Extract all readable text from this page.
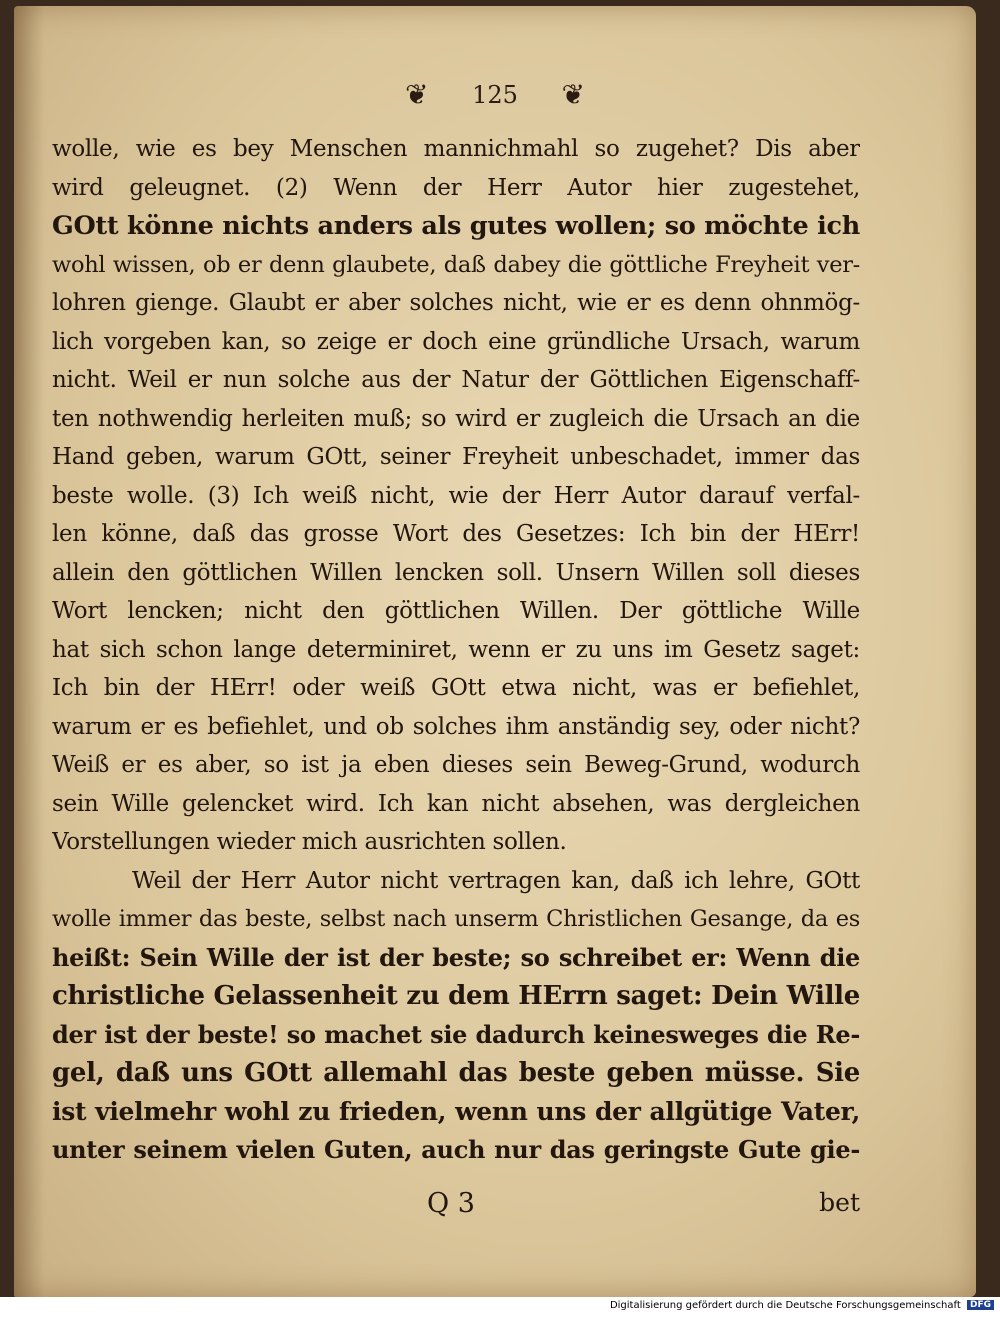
❦ 125 ❦
wolle, wie es bey Menschen mannichmahl so zugehet? Dis aber
wird geleugnet. (2) Wenn der Herr Autor hier zugestehet,
GOtt könne nichts anders als gutes wollen; so möchte ich
wohl wissen, ob er denn glaubete, daß dabey die göttliche Freyheit ver-
lohren gienge. Glaubt er aber solches nicht, wie er es denn ohnmög-
lich vorgeben kan, so zeige er doch eine gründliche Ursach, warum
nicht. Weil er nun solche aus der Natur der Göttlichen Eigenschaff-
ten nothwendig herleiten muß; so wird er zugleich die Ursach an die
Hand geben, warum GOtt, seiner Freyheit unbeschadet, immer das
beste wolle. (3) Ich weiß nicht, wie der Herr Autor darauf verfal-
len könne, daß das grosse Wort des Gesetzes: Ich bin der HErr!
allein den göttlichen Willen lencken soll. Unsern Willen soll dieses
Wort lencken; nicht den göttlichen Willen. Der göttliche Wille
hat sich schon lange determiniret, wenn er zu uns im Gesetz saget:
Ich bin der HErr! oder weiß GOtt etwa nicht, was er befiehlet,
warum er es befiehlet, und ob solches ihm anständig sey, oder nicht?
Weiß er es aber, so ist ja eben dieses sein Beweg-Grund, wodurch
sein Wille gelencket wird. Ich kan nicht absehen, was dergleichen
Vorstellungen wieder mich ausrichten sollen.
Weil der Herr Autor nicht vertragen kan, daß ich lehre, GOtt
wolle immer das beste, selbst nach unserm Christlichen Gesange, da es
heißt: Sein Wille der ist der beste; so schreibet er: Wenn die
christliche Gelassenheit zu dem HErrn saget: Dein Wille
der ist der beste! so machet sie dadurch keinesweges die Re-
gel, daß uns GOtt allemahl das beste geben müsse. Sie
ist vielmehr wohl zu frieden, wenn uns der allgütige Vater,
unter seinem vielen Guten, auch nur das geringste Gute gie-
Q 3	bet
Digitalisierung gefördert durch die Deutsche Forschungsgemeinschaft DFG
